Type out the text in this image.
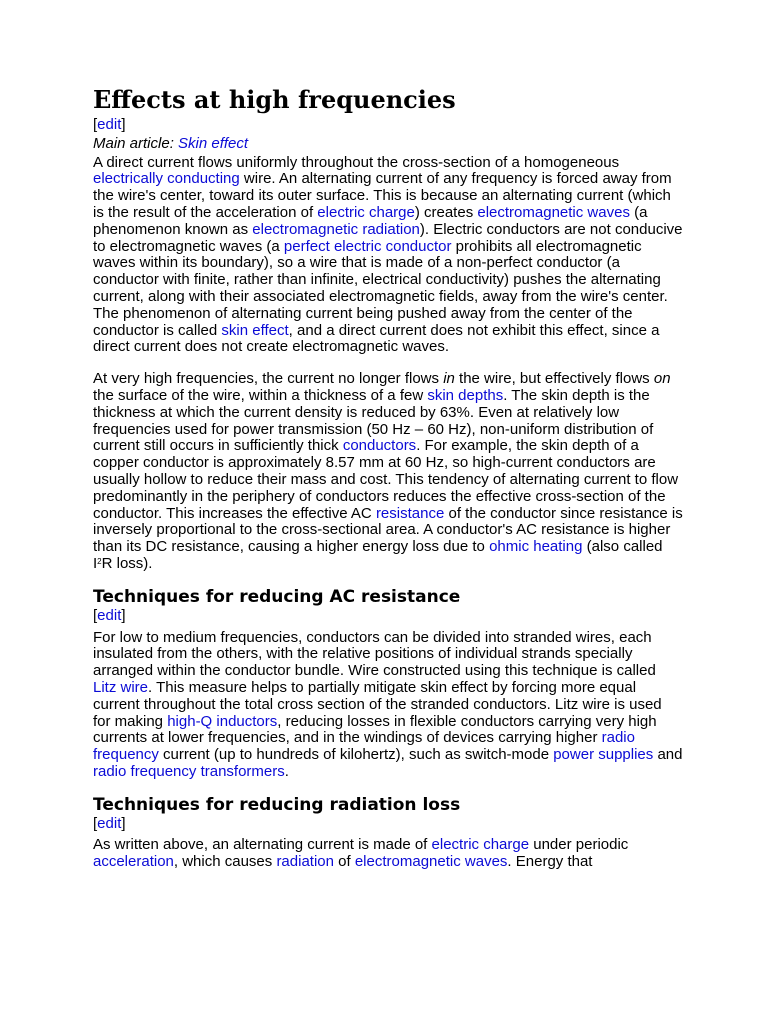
Effects at high frequencies

[edit]

Main article: Skin effect

A direct current flows uniformly throughout the cross-section of a homogeneous electrically conducting wire. An alternating current of any frequency is forced away from the wire's center, toward its outer surface. This is because an alternating current (which is the result of the acceleration of electric charge) creates electromagnetic waves (a phenomenon known as electromagnetic radiation). Electric conductors are not conducive to electromagnetic waves (a perfect electric conductor prohibits all electromagnetic waves within its boundary), so a wire that is made of a non-perfect conductor (a conductor with finite, rather than infinite, electrical conductivity) pushes the alternating current, along with their associated electromagnetic fields, away from the wire's center. The phenomenon of alternating current being pushed away from the center of the conductor is called skin effect, and a direct current does not exhibit this effect, since a direct current does not create electromagnetic waves.

At very high frequencies, the current no longer flows in the wire, but effectively flows on the surface of the wire, within a thickness of a few skin depths. The skin depth is the thickness at which the current density is reduced by 63%. Even at relatively low frequencies used for power transmission (50 Hz – 60 Hz), non-uniform distribution of current still occurs in sufficiently thick conductors. For example, the skin depth of a copper conductor is approximately 8.57 mm at 60 Hz, so high-current conductors are usually hollow to reduce their mass and cost. This tendency of alternating current to flow predominantly in the periphery of conductors reduces the effective cross-section of the conductor. This increases the effective AC resistance of the conductor since resistance is inversely proportional to the cross-sectional area. A conductor's AC resistance is higher than its DC resistance, causing a higher energy loss due to ohmic heating (also called $I^2R$ loss).

Techniques for reducing AC resistance

[edit]

For low to medium frequencies, conductors can be divided into stranded wires, each insulated from the others, with the relative positions of individual strands specially arranged within the conductor bundle. Wire constructed using this technique is called Litz wire. This measure helps to partially mitigate skin effect by forcing more equal current throughout the total cross section of the stranded conductors. Litz wire is used for making high-Q inductors, reducing losses in flexible conductors carrying very high currents at lower frequencies, and in the windings of devices carrying higher radio frequency current (up to hundreds of kilohertz), such as switch-mode power supplies and radio frequency transformers.

Techniques for reducing radiation loss

[edit]

As written above, an alternating current is made of electric charge under periodic acceleration, which causes radiation of electromagnetic waves. Energy that
